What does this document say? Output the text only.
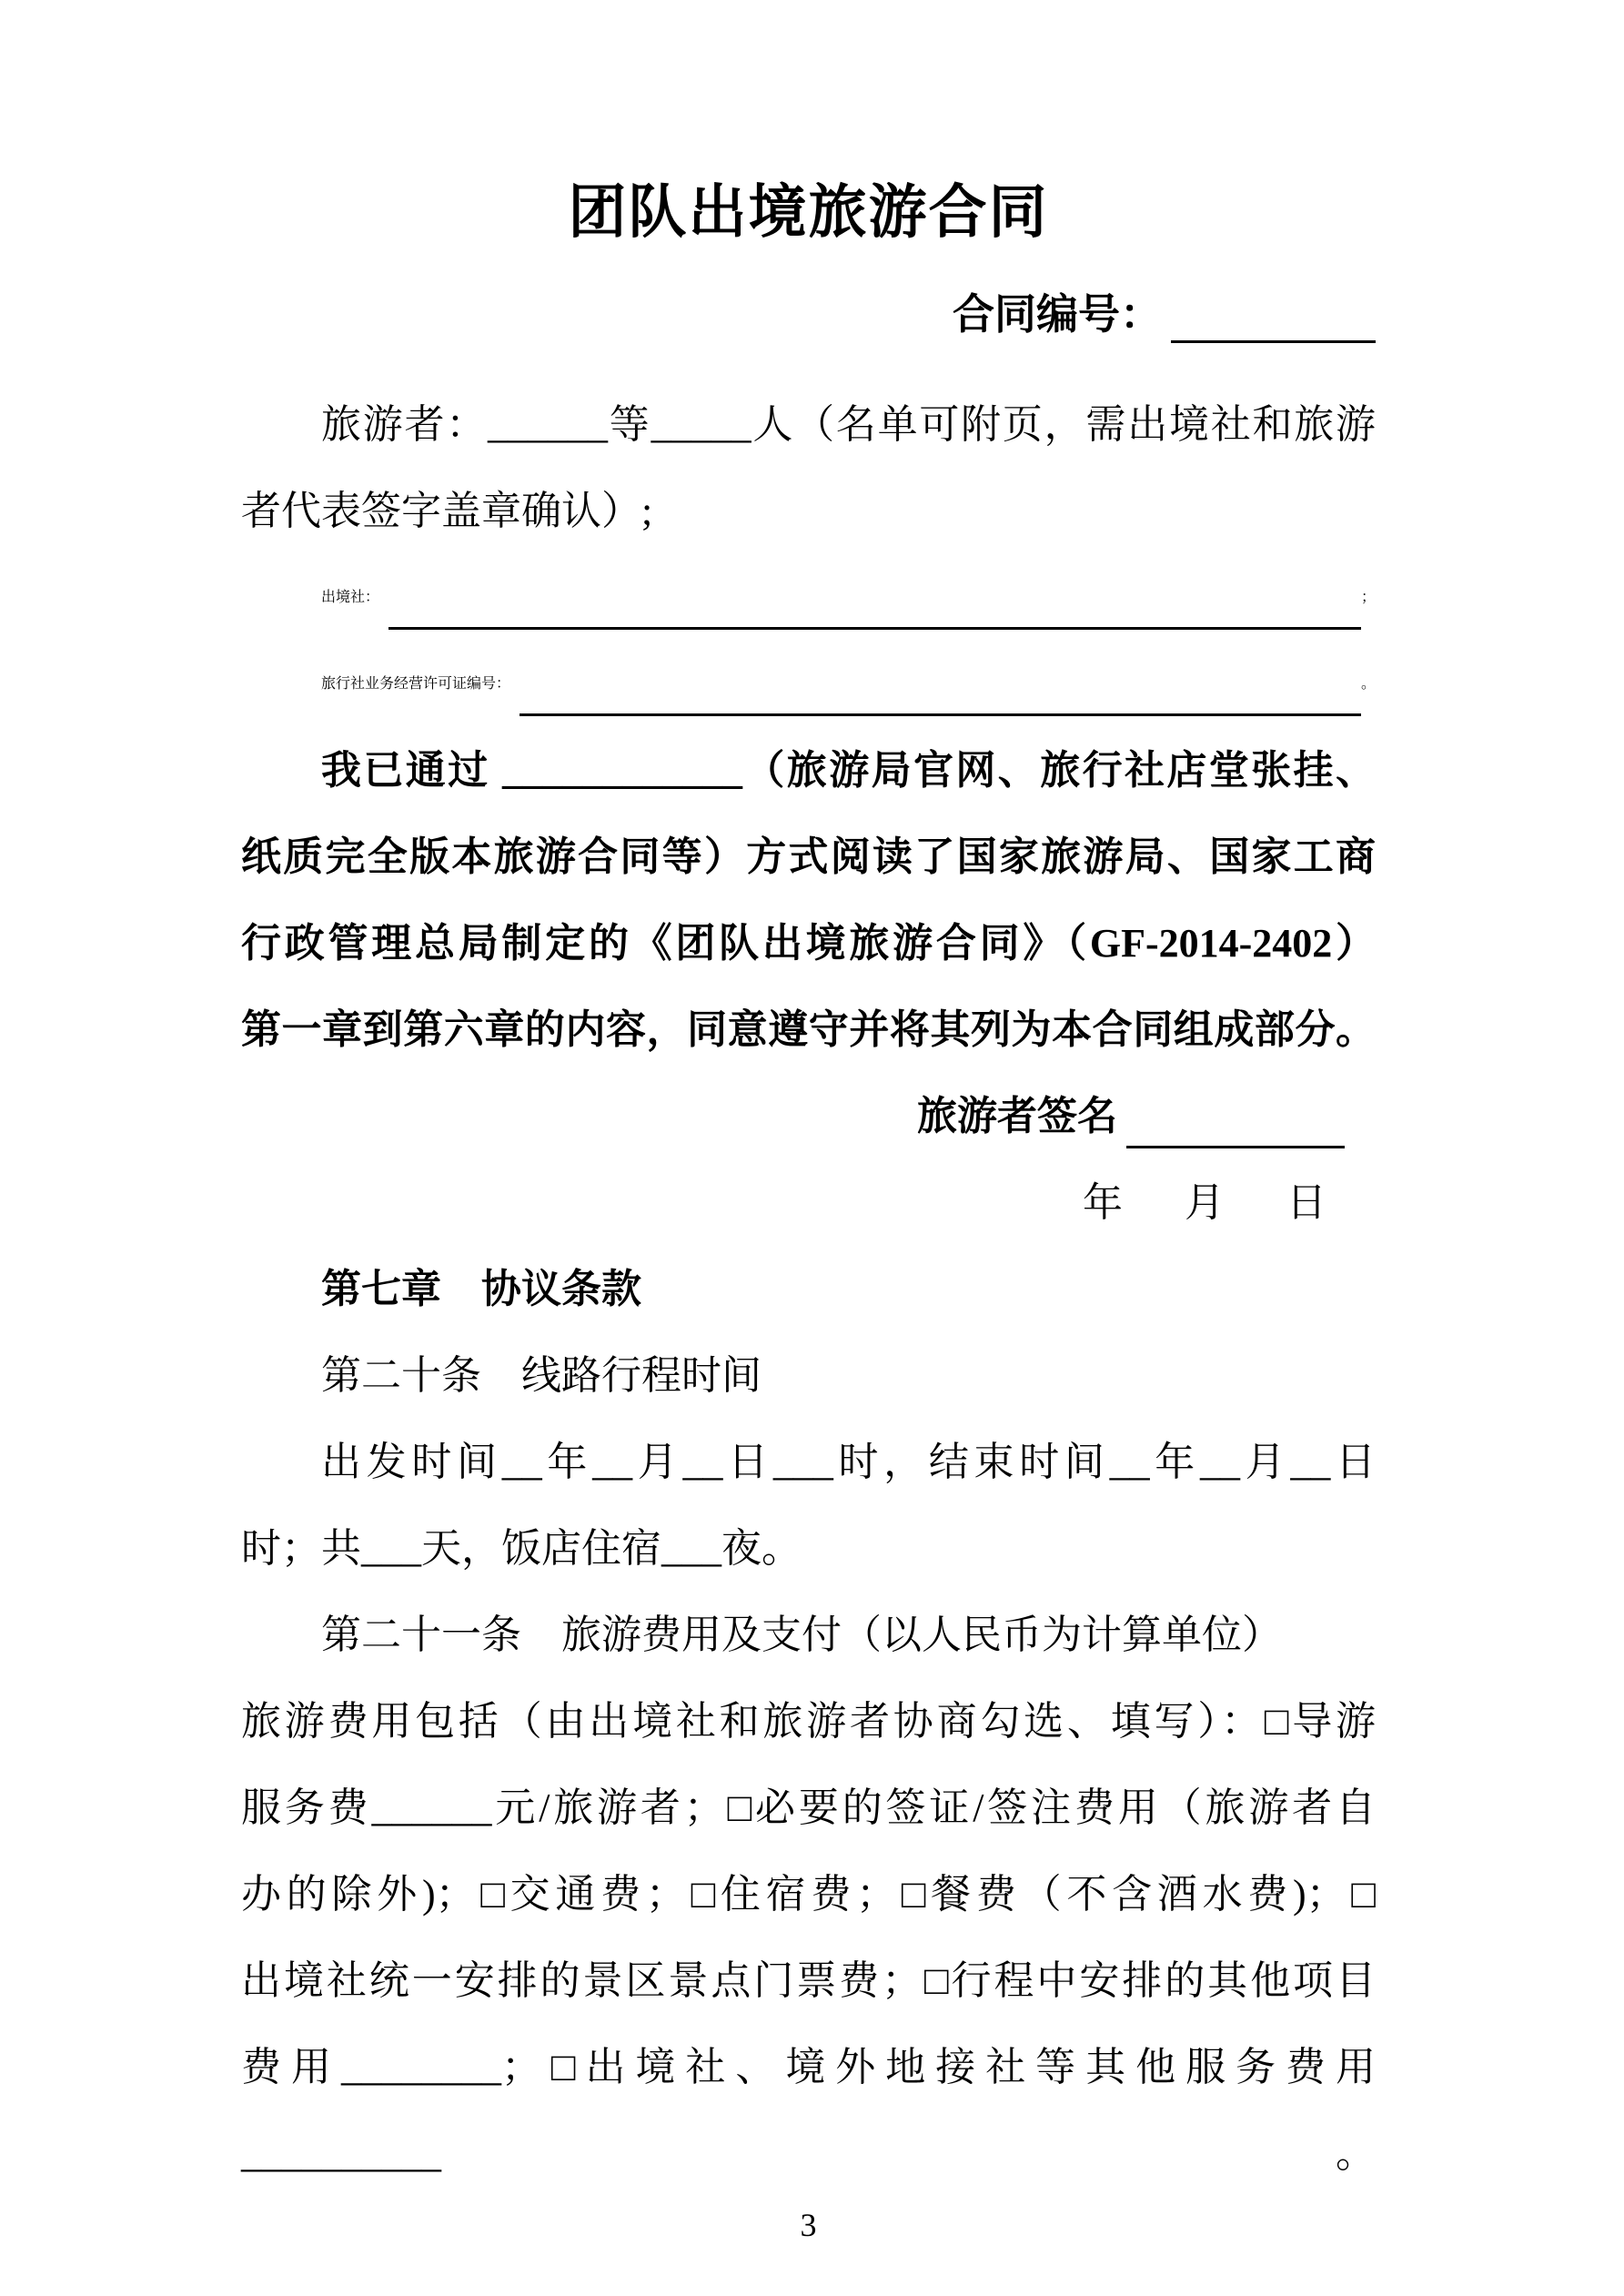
团队出境旅游合同
合同编号：
旅游者：______等_____人（名单可附页，需出境社和旅游
者代表签字盖章确认）;
出境社：	；
旅行社业务经营许可证编号：	。
我已通过 ____________（旅游局官网、旅行社店堂张挂、
纸质完全版本旅游合同等）方式阅读了国家旅游局、国家工商
行政管理总局制定的《团队出境旅游合同》（GF-2014-2402）
第一章到第六章的内容，同意遵守并将其列为本合同组成部分。
旅游者签名
年 月 日
第七章　协议条款
第二十条　线路行程时间
出发时间__年__月__日___时，结束时间__年__月__日
时；共___天，饭店住宿___夜。
第二十一条　旅游费用及支付（以人民币为计算单位）
旅游费用包括（由出境社和旅游者协商勾选、填写）：□导游
服务费______元/旅游者；□必要的签证/签注费用（旅游者自
办的除外)；□交通费；□住宿费；□餐费（不含酒水费)；□
出境社统一安排的景区景点门票费；□行程中安排的其他项目
费用________；□出境社、境外地接社等其他服务费用__________。
3
